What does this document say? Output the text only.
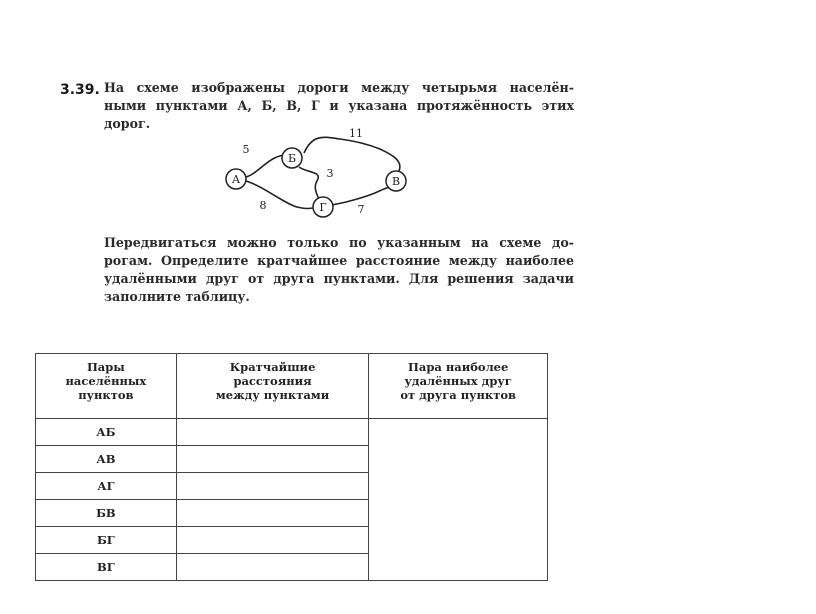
3.39. На схеме изображены дороги между четырьмя населён-
ными пунктами А, Б, В, Г и указана протяжённость этих
дорог.
А
Б
В
Г
5
11
3
8	7
Передвигаться можно только по указанным на схеме до-
рогам. Определите кратчайшее расстояние между наиболее
удалёнными друг от друга пунктами. Для решения задачи
заполните таблицу.
Пары
населённых
пунктов	Кратчайшие
расстояния
между пунктами	Пара наиболее
удалённых друг
от друга пунктов

АБ		
АВ		
АГ		
БВ		
БГ		
ВГ		
